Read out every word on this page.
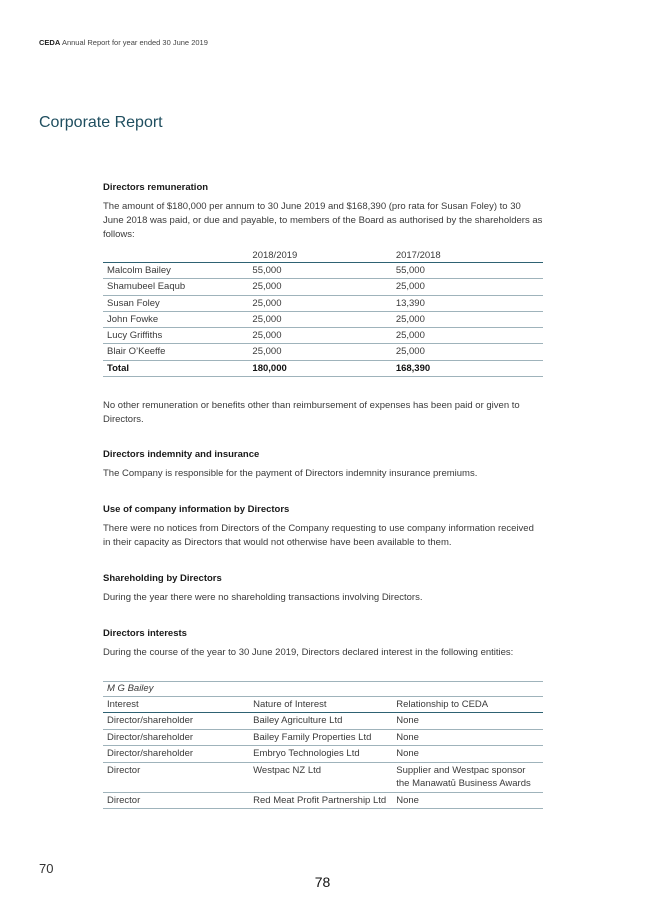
CEDA Annual Report for year ended 30 June 2019
Corporate Report

Directors remuneration

The amount of $180,000 per annum to 30 June 2019 and $168,390 (pro rata for Susan Foley) to 30 June 2018 was paid, or due and payable, to members of the Board as authorised by the shareholders as follows:

	2018/2019	2017/2018
Malcolm Bailey	55,000	55,000
Shamubeel Eaqub	25,000	25,000
Susan Foley	25,000	13,390
John Fowke	25,000	25,000
Lucy Griffiths	25,000	25,000
Blair O’Keeffe	25,000	25,000
Total	180,000	168,390

No other remuneration or benefits other than reimbursement of expenses has been paid or given to Directors.

Directors indemnity and insurance

The Company is responsible for the payment of Directors indemnity insurance premiums.

Use of company information by Directors

There were no notices from Directors of the Company requesting to use company information received in their capacity as Directors that would not otherwise have been available to them.

Shareholding by Directors

During the year there were no shareholding transactions involving Directors.

Directors interests

During the course of the year to 30 June 2019, Directors declared interest in the following entities:

M G Bailey		
Interest	Nature of Interest	Relationship to CEDA
Director/shareholder	Bailey Agriculture Ltd	None
Director/shareholder	Bailey Family Properties Ltd	None
Director/shareholder	Embryo Technologies Ltd	None
Director	Westpac NZ Ltd	Supplier and Westpac sponsor the Manawatū Business Awards
Director	Red Meat Profit Partnership Ltd	None
70
78
